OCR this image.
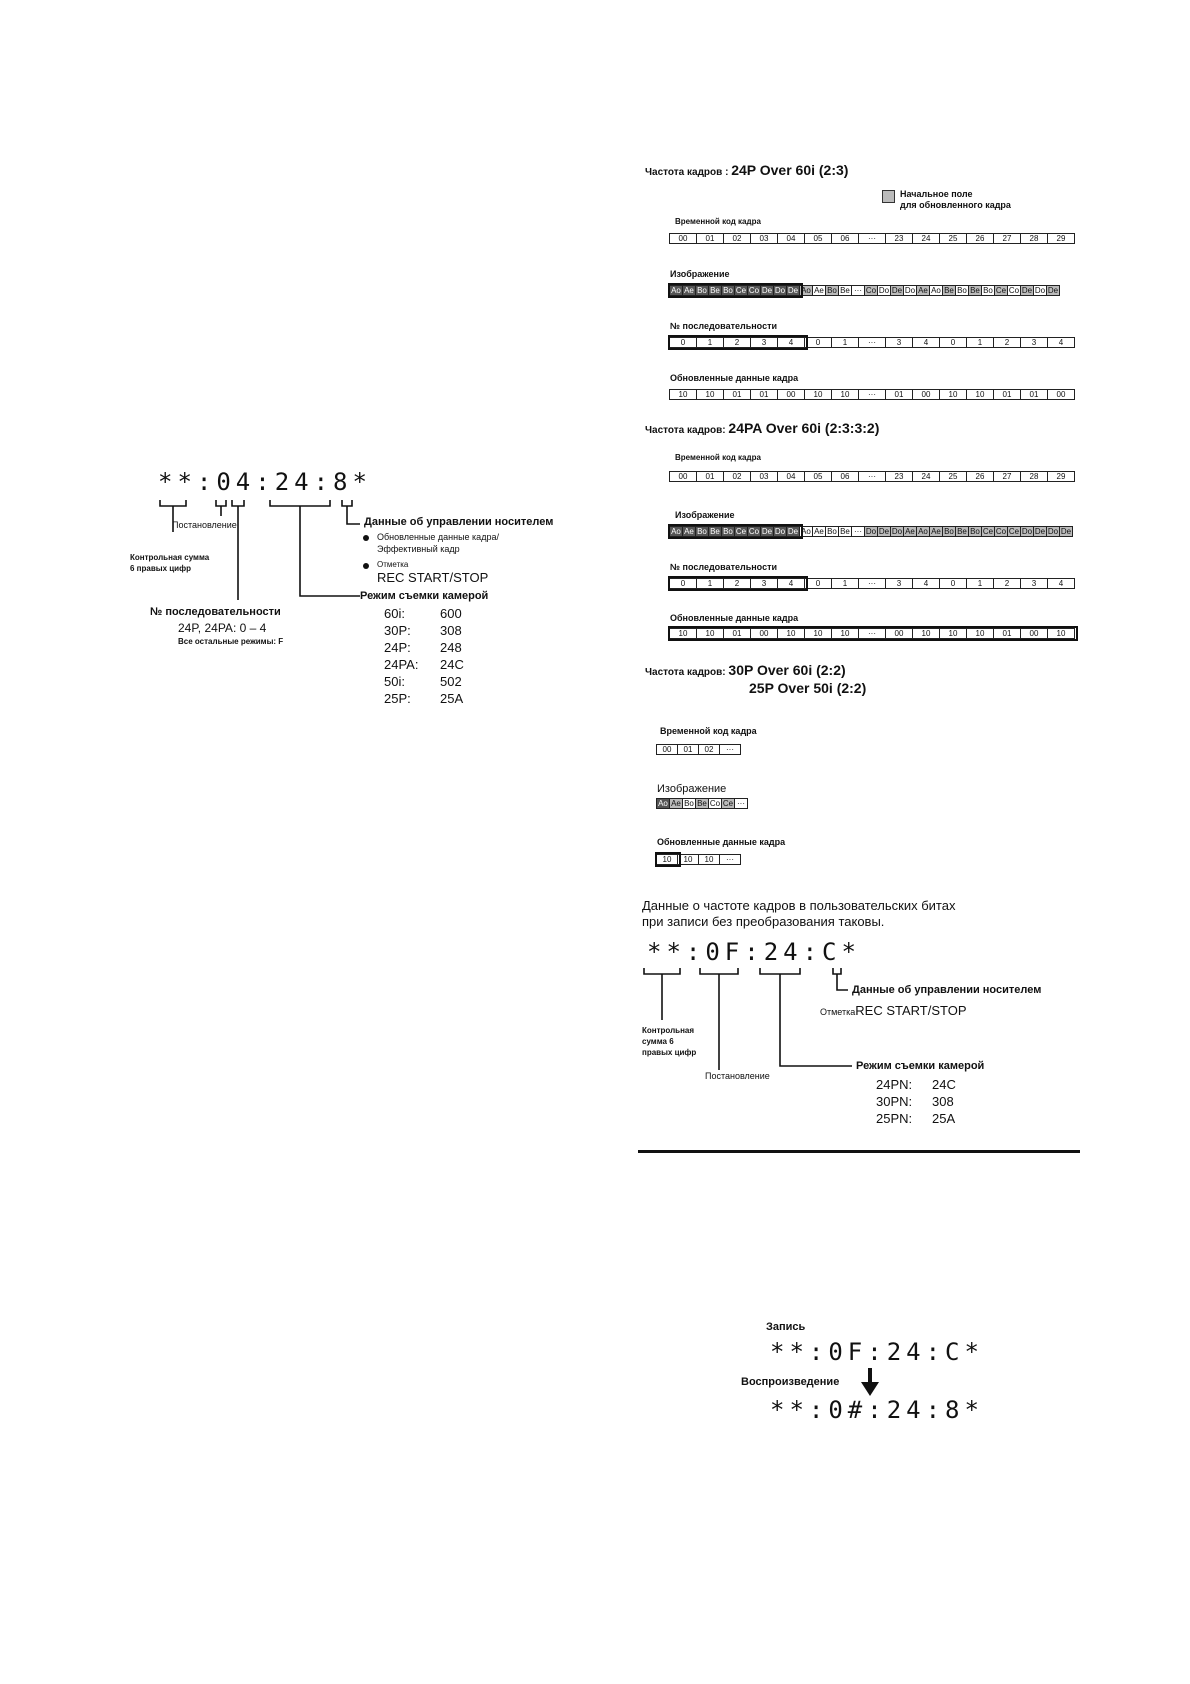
**:04:24:8*
Постановление
Контрольная сумма
6 правых цифр
№ последовательности
24P, 24PA: 0 – 4
Все остальные режимы: F
Данные об управлении носителем
Обновленные данные кадра/
Эффективный кадр
Отметка
REC START/STOP
Режим съемки камерой
60i:	600
30P: 308
24P: 248
24PA: 24C
50i:	502
25P: 25A
Частота кадров : 24P Over 60i (2:3)
Начальное поле
для обновленного кадра
Временной код кадра
00	01	02	03	04	05	06	···	23	24	25	26	27	28	29
Изображение
Ao Ae Bo Be Bo Ce Co De Do De Ao Ae Bo Be ··· Co Do De Do Ae Ao Be Bo Be Bo Ce Co De Do De
№ последовательности
0	1	2	3	4	0	1	···	3	4	0	1	2	3	4
Обновленные данные кадра
10	10	01	01	00	10	10	···	01	00	10	10	01	01	00
Частота кадров: 24PA Over 60i (2:3:3:2)
Временной код кадра
00	01	02	03	04	05	06	···	23	24	25	26	27	28	29
Изображение
Ao Ae Bo Be Bo Ce Co De Do De Ao Ae Bo Be ··· Do De Do Ae Ao Ae Bo Be Bo Ce Co Ce Do De Do De
№ последовательности
0	1	2	3	4	0	1	···	3	4	0	1	2	3	4
Обновленные данные кадра
10	10	01	00	10	10	10	···	00	10	10	10	01	00	10
Частота кадров: 30P Over 60i (2:2)
25P Over 50i (2:2)
Временной код кадра
00	01	02	···
Изображение
Ao Ae Bo Be Co Ce ···
Обновленные данные кадра
10	10	10	···
Данные о частоте кадров в пользовательских битах
при записи без преобразования таковы.
**:0F:24:C*
Контрольная
сумма 6
правых цифр
Постановление
Данные об управлении носителем
ОтметкаREC START/STOP
Режим съемки камерой
24PN: 24C
30PN: 308
25PN: 25A
Запись
**:0F:24:C*
Воспроизведение
**:0#:24:8*
